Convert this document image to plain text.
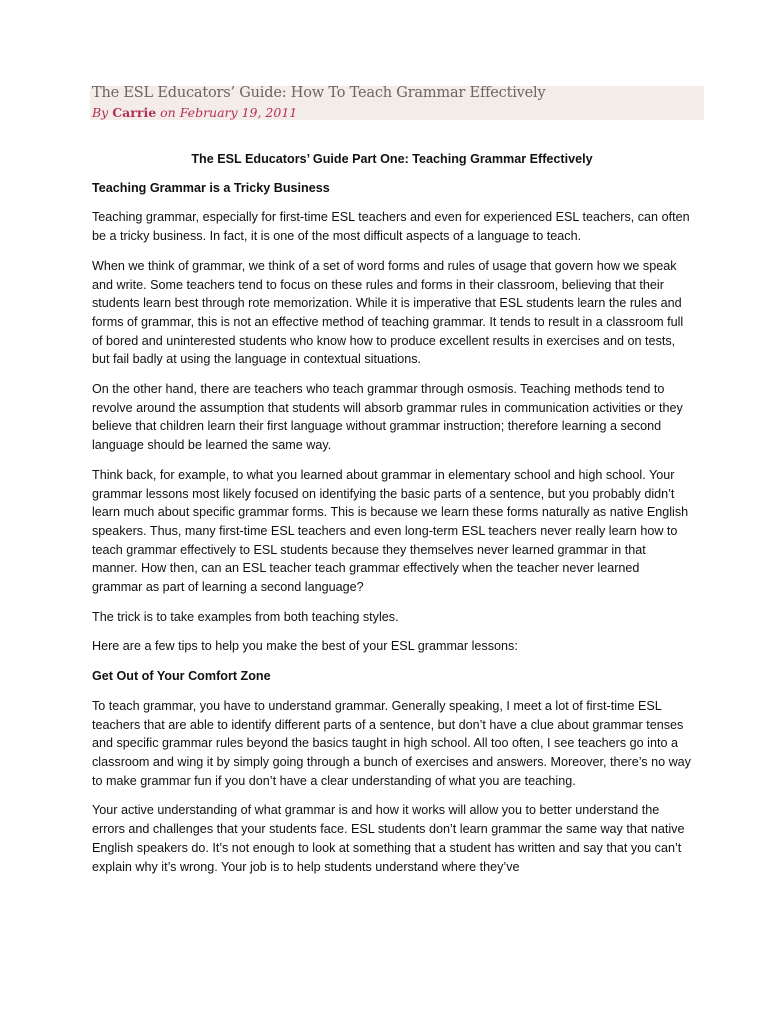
The ESL Educators’ Guide: How To Teach Grammar Effectively
By Carrie on February 19, 2011
The ESL Educators’ Guide Part One: Teaching Grammar Effectively
Teaching Grammar is a Tricky Business

Teaching grammar, especially for first-time ESL teachers and even for experienced ESL teachers, can often be a tricky business. In fact, it is one of the most difficult aspects of a language to teach.

When we think of grammar, we think of a set of word forms and rules of usage that govern how we speak and write. Some teachers tend to focus on these rules and forms in their classroom, believing that their students learn best through rote memorization. While it is imperative that ESL students learn the rules and forms of grammar, this is not an effective method of teaching grammar. It tends to result in a classroom full of bored and uninterested students who know how to produce excellent results in exercises and on tests, but fail badly at using the language in contextual situations.

On the other hand, there are teachers who teach grammar through osmosis. Teaching methods tend to revolve around the assumption that students will absorb grammar rules in communication activities or they believe that children learn their first language without grammar instruction; therefore learning a second language should be learned the same way.

Think back, for example, to what you learned about grammar in elementary school and high school. Your grammar lessons most likely focused on identifying the basic parts of a sentence, but you probably didn’t learn much about specific grammar forms. This is because we learn these forms naturally as native English speakers. Thus, many first-time ESL teachers and even long-term ESL teachers never really learn how to teach grammar effectively to ESL students because they themselves never learned grammar in that manner. How then, can an ESL teacher teach grammar effectively when the teacher never learned grammar as part of learning a second language?

The trick is to take examples from both teaching styles.

Here are a few tips to help you make the best of your ESL grammar lessons:

Get Out of Your Comfort Zone

To teach grammar, you have to understand grammar. Generally speaking, I meet a lot of first-time ESL teachers that are able to identify different parts of a sentence, but don’t have a clue about grammar tenses and specific grammar rules beyond the basics taught in high school. All too often, I see teachers go into a classroom and wing it by simply going through a bunch of exercises and answers. Moreover, there’s no way to make grammar fun if you don’t have a clear understanding of what you are teaching.

Your active understanding of what grammar is and how it works will allow you to better understand the errors and challenges that your students face. ESL students don’t learn grammar the same way that native English speakers do. It’s not enough to look at something that a student has written and say that you can’t explain why it’s wrong. Your job is to help students understand where they’ve
